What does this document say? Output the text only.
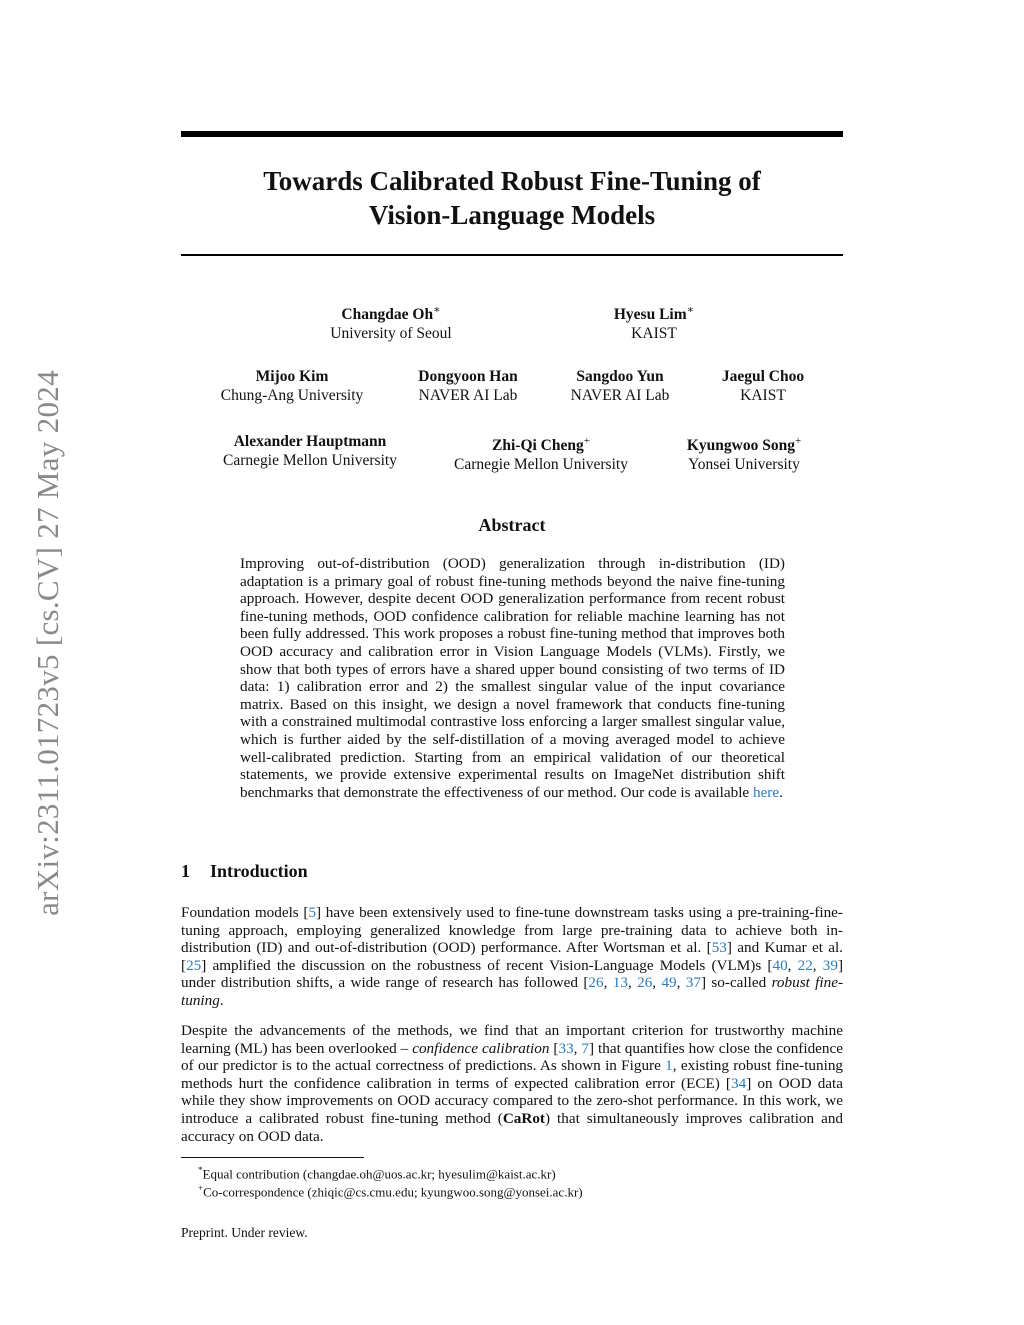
arXiv:2311.01723v5 [cs.CV] 27 May 2024
Towards Calibrated Robust Fine-Tuning of
Vision-Language Models
Changdae Oh∗
University of Seoul
Hyesu Lim∗
KAIST
Mijoo Kim
Chung-Ang University
Dongyoon Han
NAVER AI Lab
Sangdoo Yun
NAVER AI Lab
Jaegul Choo
KAIST
Alexander Hauptmann
Carnegie Mellon University
Zhi-Qi Cheng+
Carnegie Mellon University
Kyungwoo Song+
Yonsei University
Abstract
Improving out-of-distribution (OOD) generalization through in-distribution (ID) adaptation is a primary goal of robust fine-tuning methods beyond the naive fine-tuning approach. However, despite decent OOD generalization performance from recent robust fine-tuning methods, OOD confidence calibration for reliable machine learning has not been fully addressed. This work proposes a robust fine-tuning method that improves both OOD accuracy and calibration error in Vision Language Models (VLMs). Firstly, we show that both types of errors have a shared upper bound consisting of two terms of ID data: 1) calibration error and 2) the smallest singular value of the input covariance matrix. Based on this insight, we design a novel framework that conducts fine-tuning with a constrained multimodal contrastive loss enforcing a larger smallest singular value, which is further aided by the self-distillation of a moving averaged model to achieve well-calibrated prediction. Starting from an empirical validation of our theoretical statements, we provide extensive experimental results on ImageNet distribution shift benchmarks that demonstrate the effectiveness of our method. Our code is available here.
1 Introduction
Foundation models [5] have been extensively used to fine-tune downstream tasks using a pre-training-fine-tuning approach, employing generalized knowledge from large pre-training data to achieve both in-distribution (ID) and out-of-distribution (OOD) performance. After Wortsman et al. [53] and Kumar et al. [25] amplified the discussion on the robustness of recent Vision-Language Models (VLM)s [40, 22, 39] under distribution shifts, a wide range of research has followed [26, 13, 26, 49, 37] so-called robust fine-tuning.
Despite the advancements of the methods, we find that an important criterion for trustworthy machine learning (ML) has been overlooked – confidence calibration [33, 7] that quantifies how close the confidence of our predictor is to the actual correctness of predictions. As shown in Figure 1, existing robust fine-tuning methods hurt the confidence calibration in terms of expected calibration error (ECE) [34] on OOD data while they show improvements on OOD accuracy compared to the zero-shot performance. In this work, we introduce a calibrated robust fine-tuning method (CaRot) that simultaneously improves calibration and accuracy on OOD data.
*Equal contribution (changdae.oh@uos.ac.kr; hyesulim@kaist.ac.kr)
+Co-correspondence (zhiqic@cs.cmu.edu; kyungwoo.song@yonsei.ac.kr)
Preprint. Under review.
